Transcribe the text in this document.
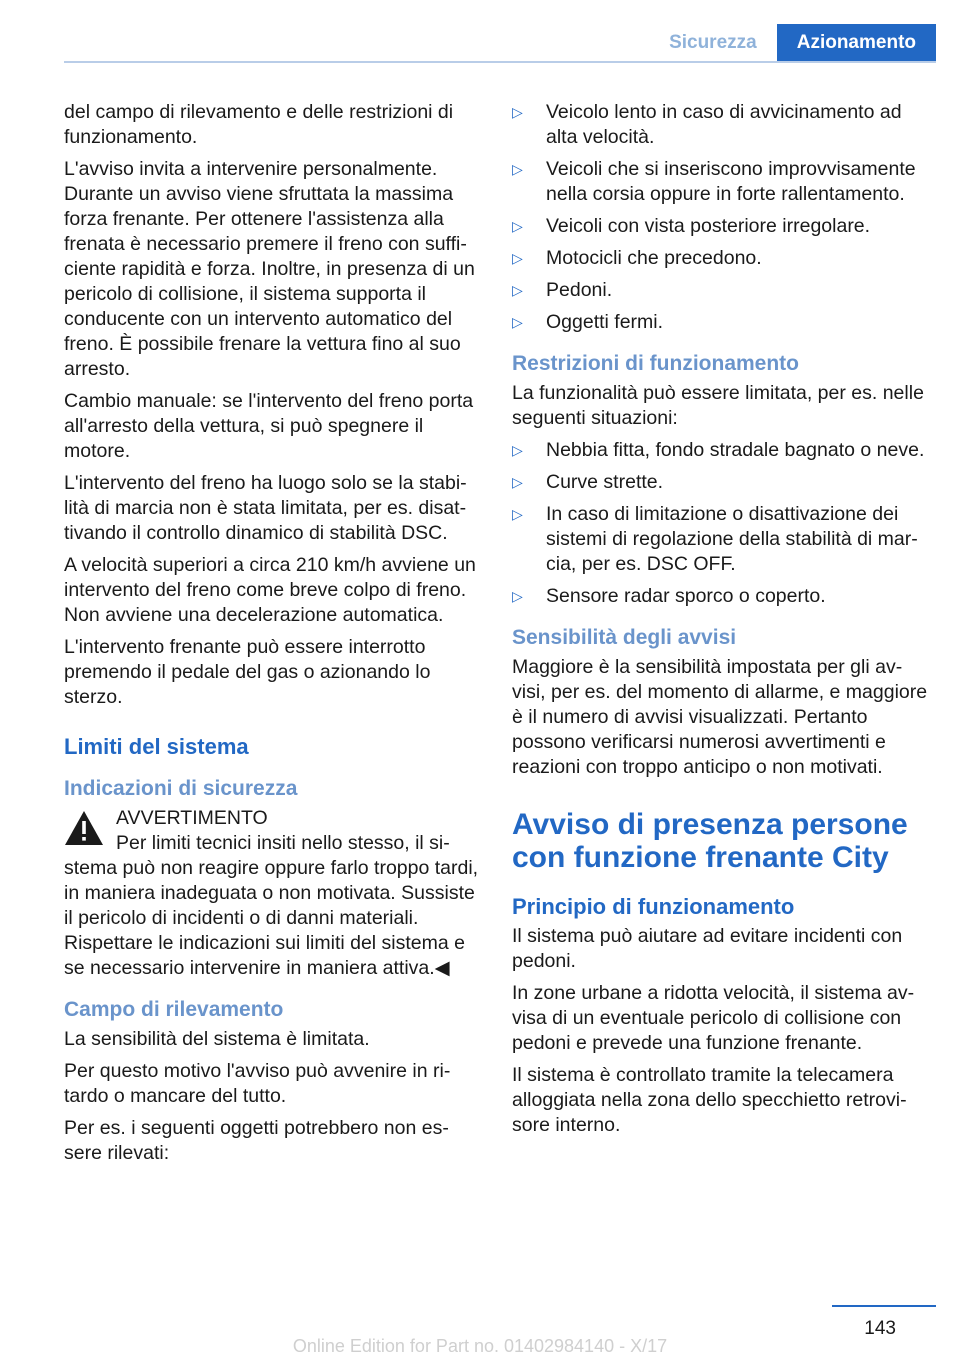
Sicurezza	Azionamento

del campo di rilevamento e delle restrizioni di funzionamento.

L'avviso invita a intervenire personalmente. Durante un avviso viene sfruttata la massima forza frenante. Per ottenere l'assistenza alla frenata è necessario premere il freno con sufficiente rapidità e forza. Inoltre, in presenza di un pericolo di collisione, il sistema supporta il conducente con un intervento automatico del freno. È possibile frenare la vettura fino al suo arresto.

Cambio manuale: se l'intervento del freno porta all'arresto della vettura, si può spegnere il motore.

L'intervento del freno ha luogo solo se la stabilità di marcia non è stata limitata, per es. disattivando il controllo dinamico di stabilità DSC.

A velocità superiori a circa 210 km/h avviene un intervento del freno come breve colpo di freno. Non avviene una decelerazione automatica.

L'intervento frenante può essere interrotto premendo il pedale del gas o azionando lo sterzo.

Limiti del sistema
Indicazioni di sicurezza
AVVERTIMENTO

Per limiti tecnici insiti nello stesso, il sistema può non reagire oppure farlo troppo tardi, in maniera inadeguata o non motivata. Sussiste il pericolo di incidenti o di danni materiali. Rispettare le indicazioni sui limiti del sistema e se necessario intervenire in maniera attiva.◀

Campo di rilevamento

La sensibilità del sistema è limitata.

Per questo motivo l'avviso può avvenire in ritardo o mancare del tutto.

Per es. i seguenti oggetti potrebbero non essere rilevati:

▷ Veicolo lento in caso di avvicinamento ad alta velocità.
▷ Veicoli che si inseriscono improvvisamente nella corsia oppure in forte rallentamento.
▷ Veicoli con vista posteriore irregolare.
▷ Motocicli che precedono.
▷ Pedoni.
▷ Oggetti fermi.
Restrizioni di funzionamento

La funzionalità può essere limitata, per es. nelle seguenti situazioni:

▷ Nebbia fitta, fondo stradale bagnato o neve.
▷ Curve strette.
▷ In caso di limitazione o disattivazione dei sistemi di regolazione della stabilità di marcia, per es. DSC OFF.
▷ Sensore radar sporco o coperto.
Sensibilità degli avvisi

Maggiore è la sensibilità impostata per gli avvisi, per es. del momento di allarme, e maggiore è il numero di avvisi visualizzati. Pertanto possono verificarsi numerosi avvertimenti e reazioni con troppo anticipo o non motivati.

Avviso di presenza persone con funzione frenante City
Principio di funzionamento

Il sistema può aiutare ad evitare incidenti con pedoni.

In zone urbane a ridotta velocità, il sistema avvisa di un eventuale pericolo di collisione con pedoni e prevede una funzione frenante.

Il sistema è controllato tramite la telecamera alloggiata nella zona dello specchietto retrovisore interno.

143
Online Edition for Part no. 01402984140 - X/17
